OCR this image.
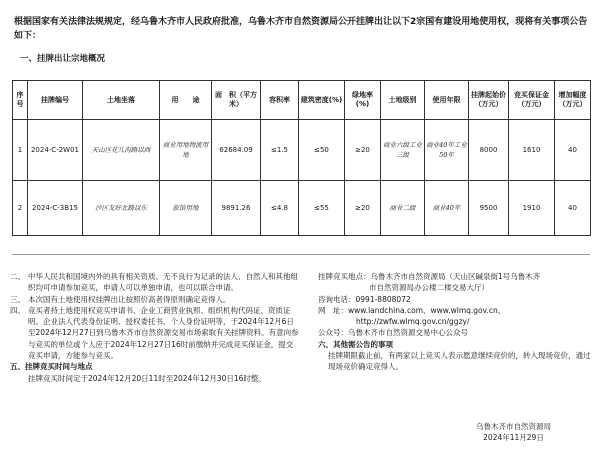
根据国家有关法律法规规定，经乌鲁木齐市人民政府批准，乌鲁木齐市自然资源局公开挂牌出让以下2宗国有建设用地使用权，现将有关事项公告如下：
一、挂牌出让宗地概况
序号	挂牌编号	土地坐落	用　　途	面　积（平方米）	容积率	建筑密度(%)	绿地率(%)	土地级别	使用年限	挂牌起始价（万元）	竞买保证金（万元）	增加幅度（万元）
1	2024-C-2W01	天山区花儿沟路以西	商业用地物流用地	62684.09	≤1.5	≤50	≥20	商业六级工业三级	商业40年工业50年	8000	1610	40
2	2024-C-3B15	沙区友好北路以东	旅馆用地	9891.26	≤4.8	≤55	≥20	商业二级	商业40年	9500	1910	40
二、 中华人民共和国境内外的具有相关资质、无不良行为记录的法人、自然人和其他组织均可申请参加竞买，申请人可以单独申请，也可以联合申请。
三、 本次国有土地使用权挂牌出让按照价高者得原则确定竞得人。
四、 竞买者持土地使用权竞买申请书、企业工商营业执照、组织机构代码证、资质证明、企业法人代表身份证明、授权委托书、个人身份证明等，于2024年12月6日至2024年12月27日到乌鲁木齐市自然资源交易市场索取有关挂牌资料。有意向参与竞买的单位或个人应于2024年12月27日16时前缴纳并完成竞买保证金，提交竞买申请，方能参与竞买。

五、挂牌竞买时间与地点

挂牌竞买时间定于2024年12月20日11时至2024年12月30日16时整。

挂牌竞买地点：乌鲁木齐市自然资源局（天山区碱泉街1号乌鲁木齐

市自然资源局办公楼二楼交易大厅）

咨询电话：0991-8808072

网　址：www.landchina.com、www.wlmq.gov.cn、

http://zwfw.wlmq.gov.cn/ggzy/

公众号：乌鲁木齐市自然资源交易中心公众号

六、其他需公告的事项

挂牌期限截止前，有两家以上竞买人表示愿意继续竞价的，转入现场竞价，通过现场竞价确定竞得人。

乌鲁木齐市自然资源局
2024年11月29日
